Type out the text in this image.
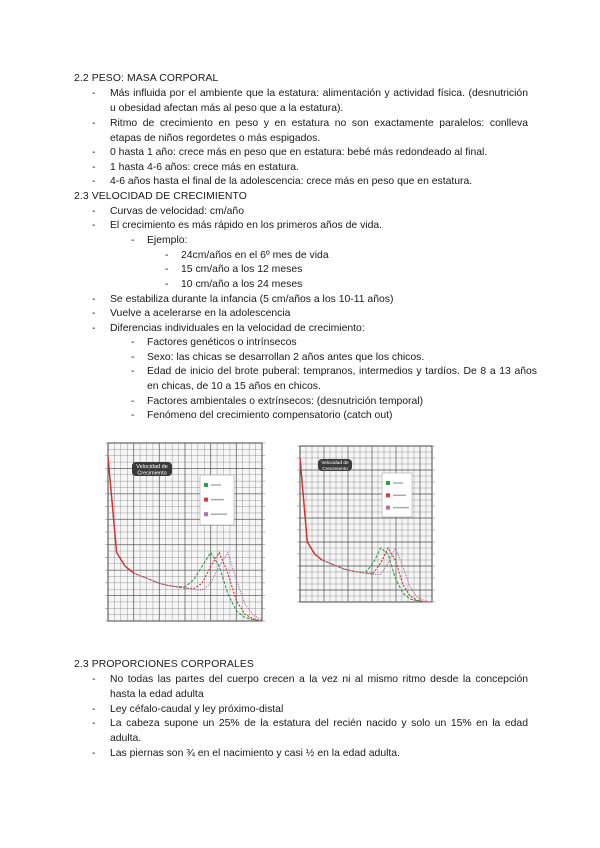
2.2 PESO: MASA CORPORAL
- Más influida por el ambiente que la estatura: alimentación y actividad física. (desnutrición u obesidad afectan más al peso que a la estatura).
- Ritmo de crecimiento en peso y en estatura no son exactamente paralelos: conlleva etapas de niños regordetes o más espigados.
- 0 hasta 1 año: crece más en peso que en estatura: bebé más redondeado al final.
- 1 hasta 4-6 años: crece más en estatura.
- 4-6 años hasta el final de la adolescencia: crece más en peso que en estatura.
2.3 VELOCIDAD DE CRECIMIENTO
- Curvas de velocidad: cm/año
- El crecimiento es más rápido en los primeros años de vida.
- Ejemplo:
- 24cm/años en el 6º mes de vida
- 15 cm/año a los 12 meses
- 10 cm/año a los 24 meses
- Se estabiliza durante la infancia (5 cm/años a los 10-11 años)
- Vuelve a acelerarse en la adolescencia
- Diferencias individuales en la velocidad de crecimiento:
- Factores genéticos o intrínsecos
- Sexo: las chicas se desarrollan 2 años antes que los chicos.
- Edad de inicio del brote puberal: tempranos, intermedios y tardíos. De 8 a 13 años en chicas, de 10 a 15 años en chicos.
- Factores ambientales o extrínsecos: (desnutrición temporal)
- Fenómeno del crecimiento compensatorio (catch out)
Velocidad de
Crecimiento
Velocidad de
Crecimiento
2.3 PROPORCIONES CORPORALES
- No todas las partes del cuerpo crecen a la vez ni al mismo ritmo desde la concepción hasta la edad adulta
- Ley céfalo-caudal y ley próximo-distal
- La cabeza supone un 25% de la estatura del recién nacido y solo un 15% en la edad adulta.
- Las piernas son ¾ en el nacimiento y casi ½ en la edad adulta.
